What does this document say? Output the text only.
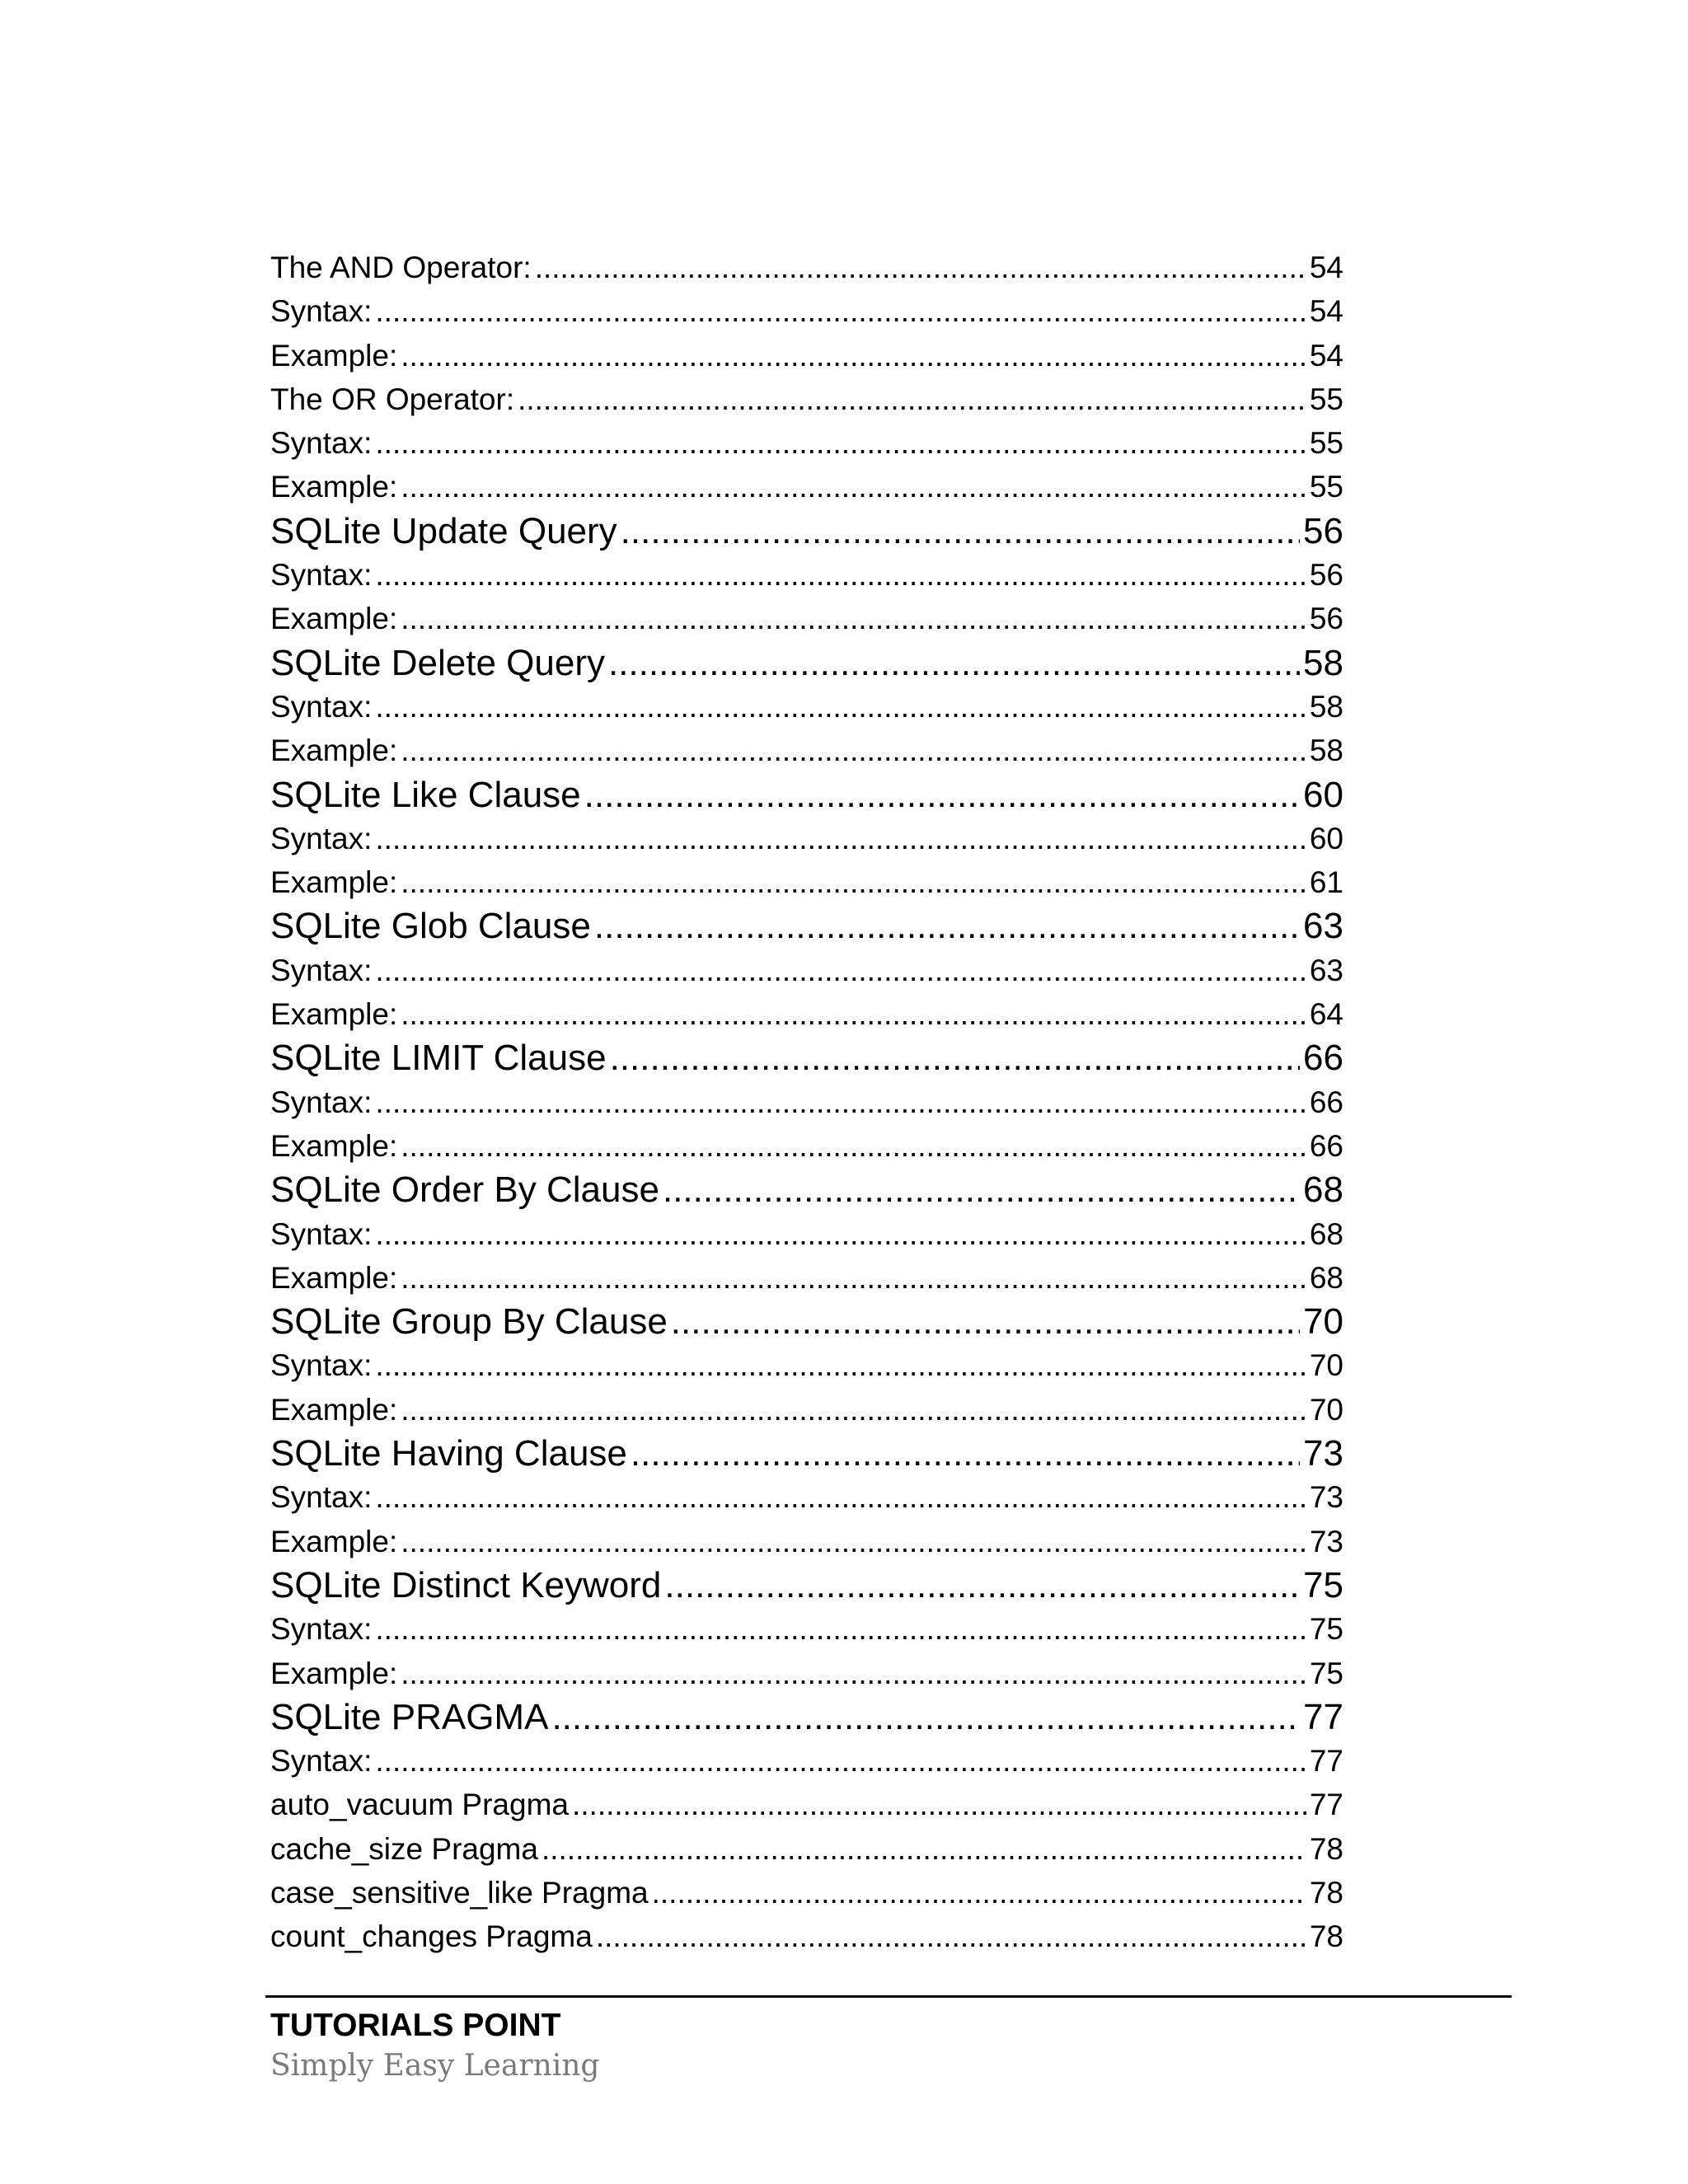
The AND Operator: .....	54
Syntax: .....	54
Example: .....	54
The OR Operator: .....	55
Syntax: .....	55
Example: .....	55
SQLite Update Query .....	56
Syntax: .....	56
Example: .....	56
SQLite Delete Query .....	58
Syntax: .....	58
Example: .....	58
SQLite Like Clause .....	60
Syntax: .....	60
Example: .....	61
SQLite Glob Clause .....	63
Syntax: .....	63
Example: .....	64
SQLite LIMIT Clause .....	66
Syntax: .....	66
Example: .....	66
SQLite Order By Clause .....	68
Syntax: .....	68
Example: .....	68
SQLite Group By Clause .....	70
Syntax: .....	70
Example: .....	70
SQLite Having Clause .....	73
Syntax: .....	73
Example: .....	73
SQLite Distinct Keyword .....	75
Syntax: .....	75
Example: .....	75
SQLite PRAGMA .....	77
Syntax: .....	77
auto_vacuum Pragma .....	77
cache_size Pragma .....	78
case_sensitive_like Pragma .....	78
count_changes Pragma .....	78

TUTORIALS POINT

Simply Easy Learning
